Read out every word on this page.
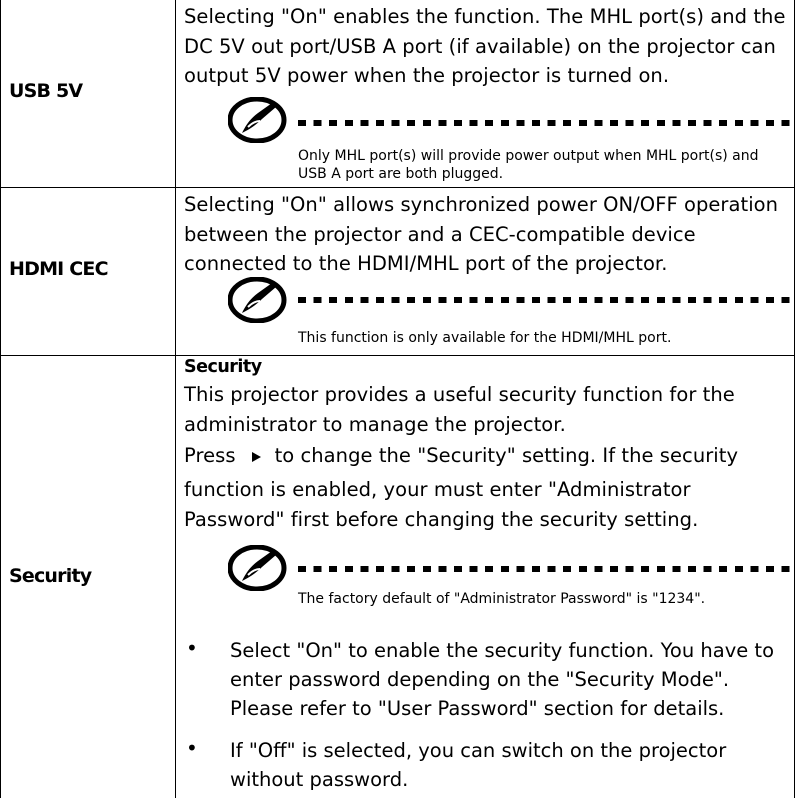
USB 5V
Selecting "On" enables the function. The MHL port(s) and the DC 5V out port/USB A port (if available) on the projector can output 5V power when the projector is turned on.
Only MHL port(s) will provide power output when MHL port(s) and USB A port are both plugged.
HDMI CEC
Selecting "On" allows synchronized power ON/OFF operation between the projector and a CEC-compatible device connected to the HDMI/MHL port of the projector.
This function is only available for the HDMI/MHL port.
Security
Security
This projector provides a useful security function for the administrator to manage the projector.
Press to change the "Security" setting. If the security
function is enabled, your must enter "Administrator Password" first before changing the security setting.
The factory default of "Administrator Password" is "1234".
• Select "On" to enable the security function. You have to enter password depending on the "Security Mode". Please refer to "User Password" section for details.
• If "Off" is selected, you can switch on the projector without password.
